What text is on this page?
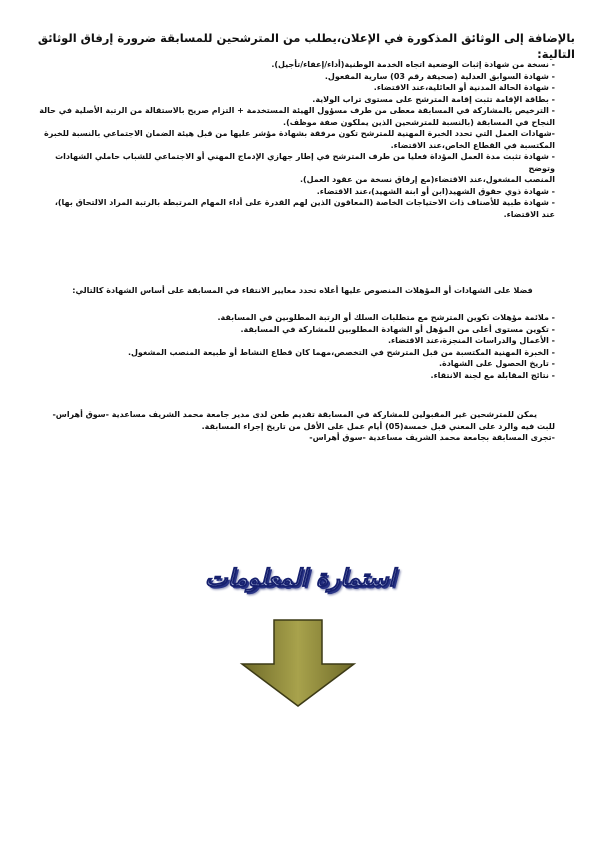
بالإضافة إلى الوثائق المذكورة في الإعلان،يطلب من المترشحين للمسابقة ضرورة إرفاق الوثائق التالية:
- نسخة من شهادة إثبات الوضعية اتجاه الخدمة الوطنية(أداء/إعفاء/تأجيل).
- شهادة السوابق العدلية (صحيفة رقم 03) سارية المفعول.
- شهادة الحالة المدنية أو العائلية،عند الاقتضاء.
- بطاقة الإقامة تثبت إقامة المترشح على مستوى تراب الولاية.
- الترخيص بالمشاركة في المسابقة معطى من طرف مسؤول الهيئة المستخدمة + التزام صريح بالاستقالة من الرتبة الأصلية في حالة
النجاح في المسابقة (بالنسبة للمترشحين الذين يملكون صفة موظف).
-شهادات العمل التي تحدد الخبرة المهنية للمترشح تكون مرفقة بشهادة مؤشر عليها من قبل هيئة الضمان الاجتماعي بالنسبة للخبرة
المكتسبة في القطاع الخاص،عند الاقتضاء.
- شهادة تثبت مدة العمل المؤداة فعليا من طرف المترشح في إطار جهازي الإدماج المهني أو الاجتماعي للشباب حاملي الشهادات وتوضح
المنصب المشغول،عند الاقتضاء(مع إرفاق نسخة من عقود العمل).
- شهادة ذوي حقوق الشهيد(ابن أو ابنة الشهيد)،عند الاقتضاء.
- شهادة طبية للأصناف ذات الاحتياجات الخاصة (المعاقون الذين لهم القدرة على أداء المهام المرتبطة بالرتبة المراد الالتحاق بها)،
عند الاقتضاء.
فضلا على الشهادات أو المؤهلات المنصوص عليها أعلاه تحدد معايير الانتقاء في المسابقة على أساس الشهادة كالتالي:
- ملائمة مؤهلات تكوين المترشح مع متطلبات السلك أو الرتبة المطلوبين في المسابقة.
- تكوين مستوى أعلى من المؤهل أو الشهادة المطلوبين للمشاركة في المسابقة.
- الأعمال والدراسات المنجزة،عند الاقتضاء.
- الخبرة المهنية المكتسبة من قبل المترشح في التخصص،مهما كان قطاع النشاط أو طبيعة المنصب المشغول.
- تاريخ الحصول على الشهادة.
- نتائج المقابلة مع لجنة الانتقاء.

يمكن للمترشحين غير المقبولين للمشاركة في المسابقة تقديم طعن لدى مدير جامعة محمد الشريف مساعدية -سوق أهراس-

للبت فيه والرد على المعني قبل خمسة(05) أيام عمل على الأقل من تاريخ إجراء المسابقة.

-تجرى المسابقة بجامعة محمد الشريف مساعدية -سوق أهراس-

استمارة المعلومات
